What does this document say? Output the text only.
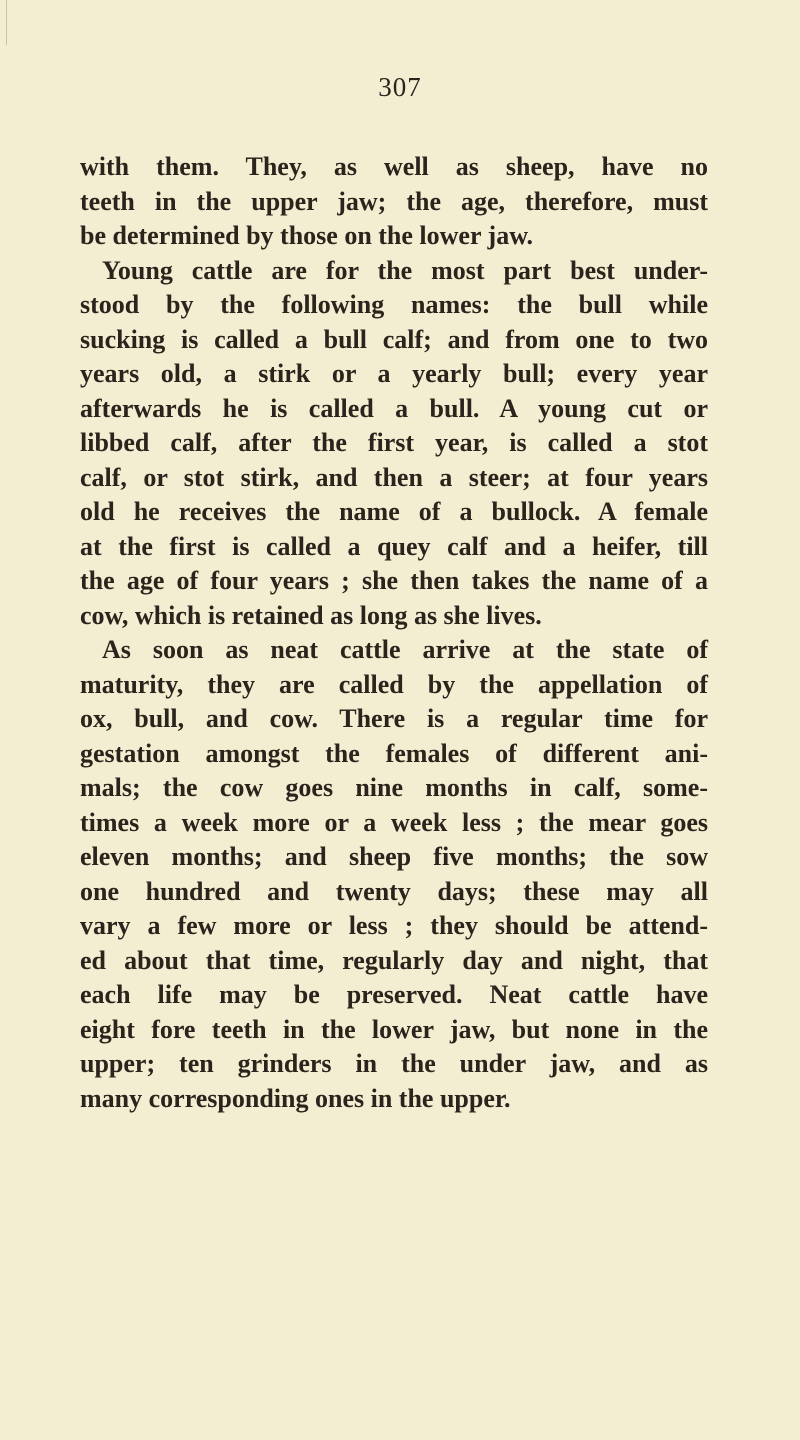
307
with them. They, as well as sheep, have no
teeth in the upper jaw; the age, therefore, must
be determined by those on the lower jaw.
Young cattle are for the most part best under-
stood by the following names: the bull while
sucking is called a bull calf; and from one to two
years old, a stirk or a yearly bull; every year
afterwards he is called a bull. A young cut or
libbed calf, after the first year, is called a stot
calf, or stot stirk, and then a steer; at four years
old he receives the name of a bullock. A female
at the first is called a quey calf and a heifer, till
the age of four years ; she then takes the name of a
cow, which is retained as long as she lives.
As soon as neat cattle arrive at the state of
maturity, they are called by the appellation of
ox, bull, and cow. There is a regular time for
gestation amongst the females of different ani-
mals; the cow goes nine months in calf, some-
times a week more or a week less ; the mear goes
eleven months; and sheep five months; the sow
one hundred and twenty days; these may all
vary a few more or less ; they should be attend-
ed about that time, regularly day and night, that
each life may be preserved. Neat cattle have
eight fore teeth in the lower jaw, but none in the
upper; ten grinders in the under jaw, and as
many corresponding ones in the upper.
